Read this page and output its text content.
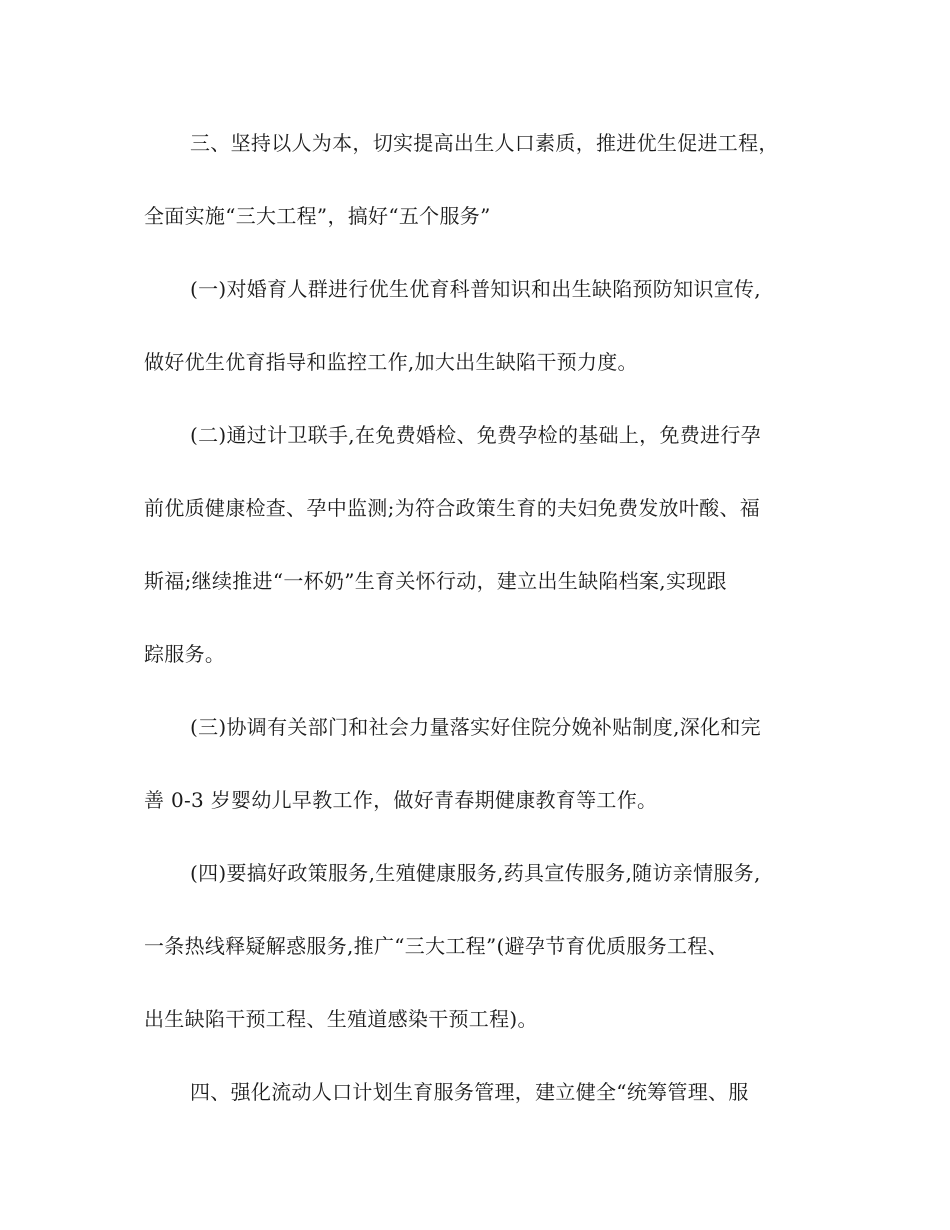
三、坚持以人为本，切实提高出生人口素质，推进优生促进工程，
全面实施“三大工程”，搞好“五个服务”
(一)对婚育人群进行优生优育科普知识和出生缺陷预防知识宣传,
做好优生优育指导和监控工作,加大出生缺陷干预力度。
(二)通过计卫联手,在免费婚检、免费孕检的基础上，免费进行孕
前优质健康检查、孕中监测;为符合政策生育的夫妇免费发放叶酸、福
斯福;继续推进“一杯奶”生育关怀行动，建立出生缺陷档案,实现跟
踪服务。
(三)协调有关部门和社会力量落实好住院分娩补贴制度,深化和完
善 0-3 岁婴幼儿早教工作，做好青春期健康教育等工作。
(四)要搞好政策服务,生殖健康服务,药具宣传服务,随访亲情服务,
一条热线释疑解惑服务,推广“三大工程”(避孕节育优质服务工程、
出生缺陷干预工程、生殖道感染干预工程)。
四、强化流动人口计划生育服务管理，建立健全“统筹管理、服
